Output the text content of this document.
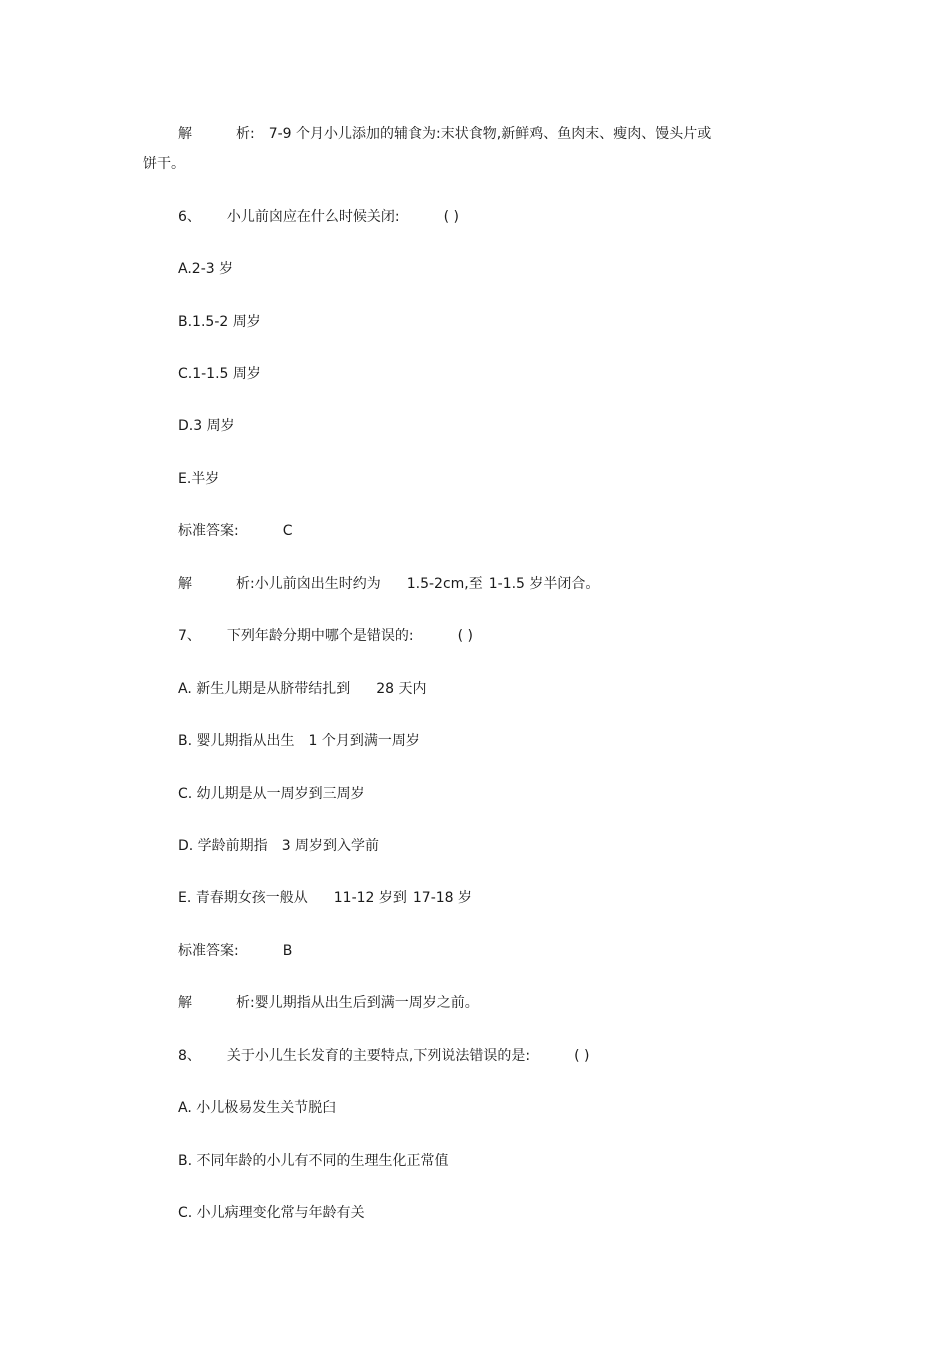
解	析: 7-9 个月小儿添加的辅食为:末状食物,新鲜鸡、鱼肉末、瘦肉、馒头片或
饼干。
6、 小儿前囟应在什么时候关闭:	( )
A.2-3 岁
B.1.5-2 周岁
C.1-1.5 周岁
D.3 周岁
E.半岁
标准答案:	C
解	析:小儿前囟出生时约为 1.5-2cm,至 1-1.5 岁半闭合。
7、 下列年龄分期中哪个是错误的:	( )
A. 新生儿期是从脐带结扎到 28 天内
B. 婴儿期指从出生 1 个月到满一周岁
C. 幼儿期是从一周岁到三周岁
D. 学龄前期指 3 周岁到入学前
E. 青春期女孩一般从 11-12 岁到 17-18 岁
标准答案:	B
解	析:婴儿期指从出生后到满一周岁之前。
8、 关于小儿生长发育的主要特点,下列说法错误的是:	( )
A. 小儿极易发生关节脱臼
B. 不同年龄的小儿有不同的生理生化正常值
C. 小儿病理变化常与年龄有关
